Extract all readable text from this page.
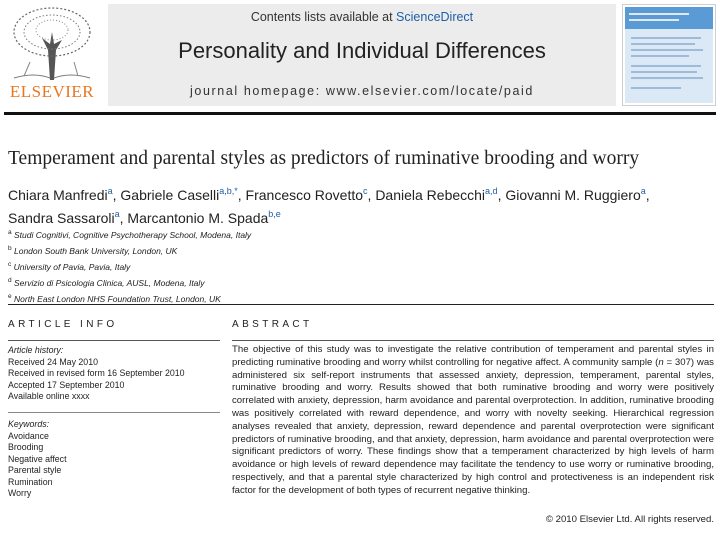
ELSEVIER
Contents lists available at ScienceDirect
Personality and Individual Differences
journal homepage: www.elsevier.com/locate/paid
Temperament and parental styles as predictors of ruminative brooding and worry
Chiara Manfredi$^a$, Gabriele Caselli$^{a,b,*}$, Francesco Rovetto$^c$, Daniela Rebecchi$^{a,d}$, Giovanni M. Ruggiero$^a$,
Sandra Sassaroli$^a$, Marcantonio M. Spada$^{b,e}$
$^a$ Studi Cognitivi, Cognitive Psychotherapy School, Modena, Italy
$^b$ London South Bank University, London, UK
$^c$ University of Pavia, Pavia, Italy
$^d$ Servizio di Psicologia Clinica, AUSL, Modena, Italy
$^e$ North East London NHS Foundation Trust, London, UK
ARTICLE INFO
Article history:
Received 24 May 2010
Received in revised form 16 September 2010
Accepted 17 September 2010
Available online xxxx
Keywords:
Avoidance
Brooding
Negative affect
Parental style
Rumination
Worry
ABSTRACT

The objective of this study was to investigate the relative contribution of temperament and parental styles in predicting ruminative brooding and worry whilst controlling for negative affect. A community sample (n = 307) was administered six self-report instruments that assessed anxiety, depression, temperament, parental styles, ruminative brooding and worry. Results showed that both ruminative brooding and worry were positively correlated with anxiety, depression, harm avoidance and parental overprotection. In addition, ruminative brooding was positively correlated with reward dependence, and worry with novelty seeking. Hierarchical regression analyses revealed that anxiety, depression, reward dependence and parental overprotection were significant predictors of ruminative brooding, and that anxiety, depression, harm avoidance and parental overprotection were significant predictors of worry. These findings show that a temperament characterized by high levels of harm avoidance or high levels of reward dependence may facilitate the tendency to use worry or ruminative brooding, respectively, and that a parental style characterized by high control and protectiveness is an independent risk factor for the development of both types of recurrent negative thinking.

© 2010 Elsevier Ltd. All rights reserved.
